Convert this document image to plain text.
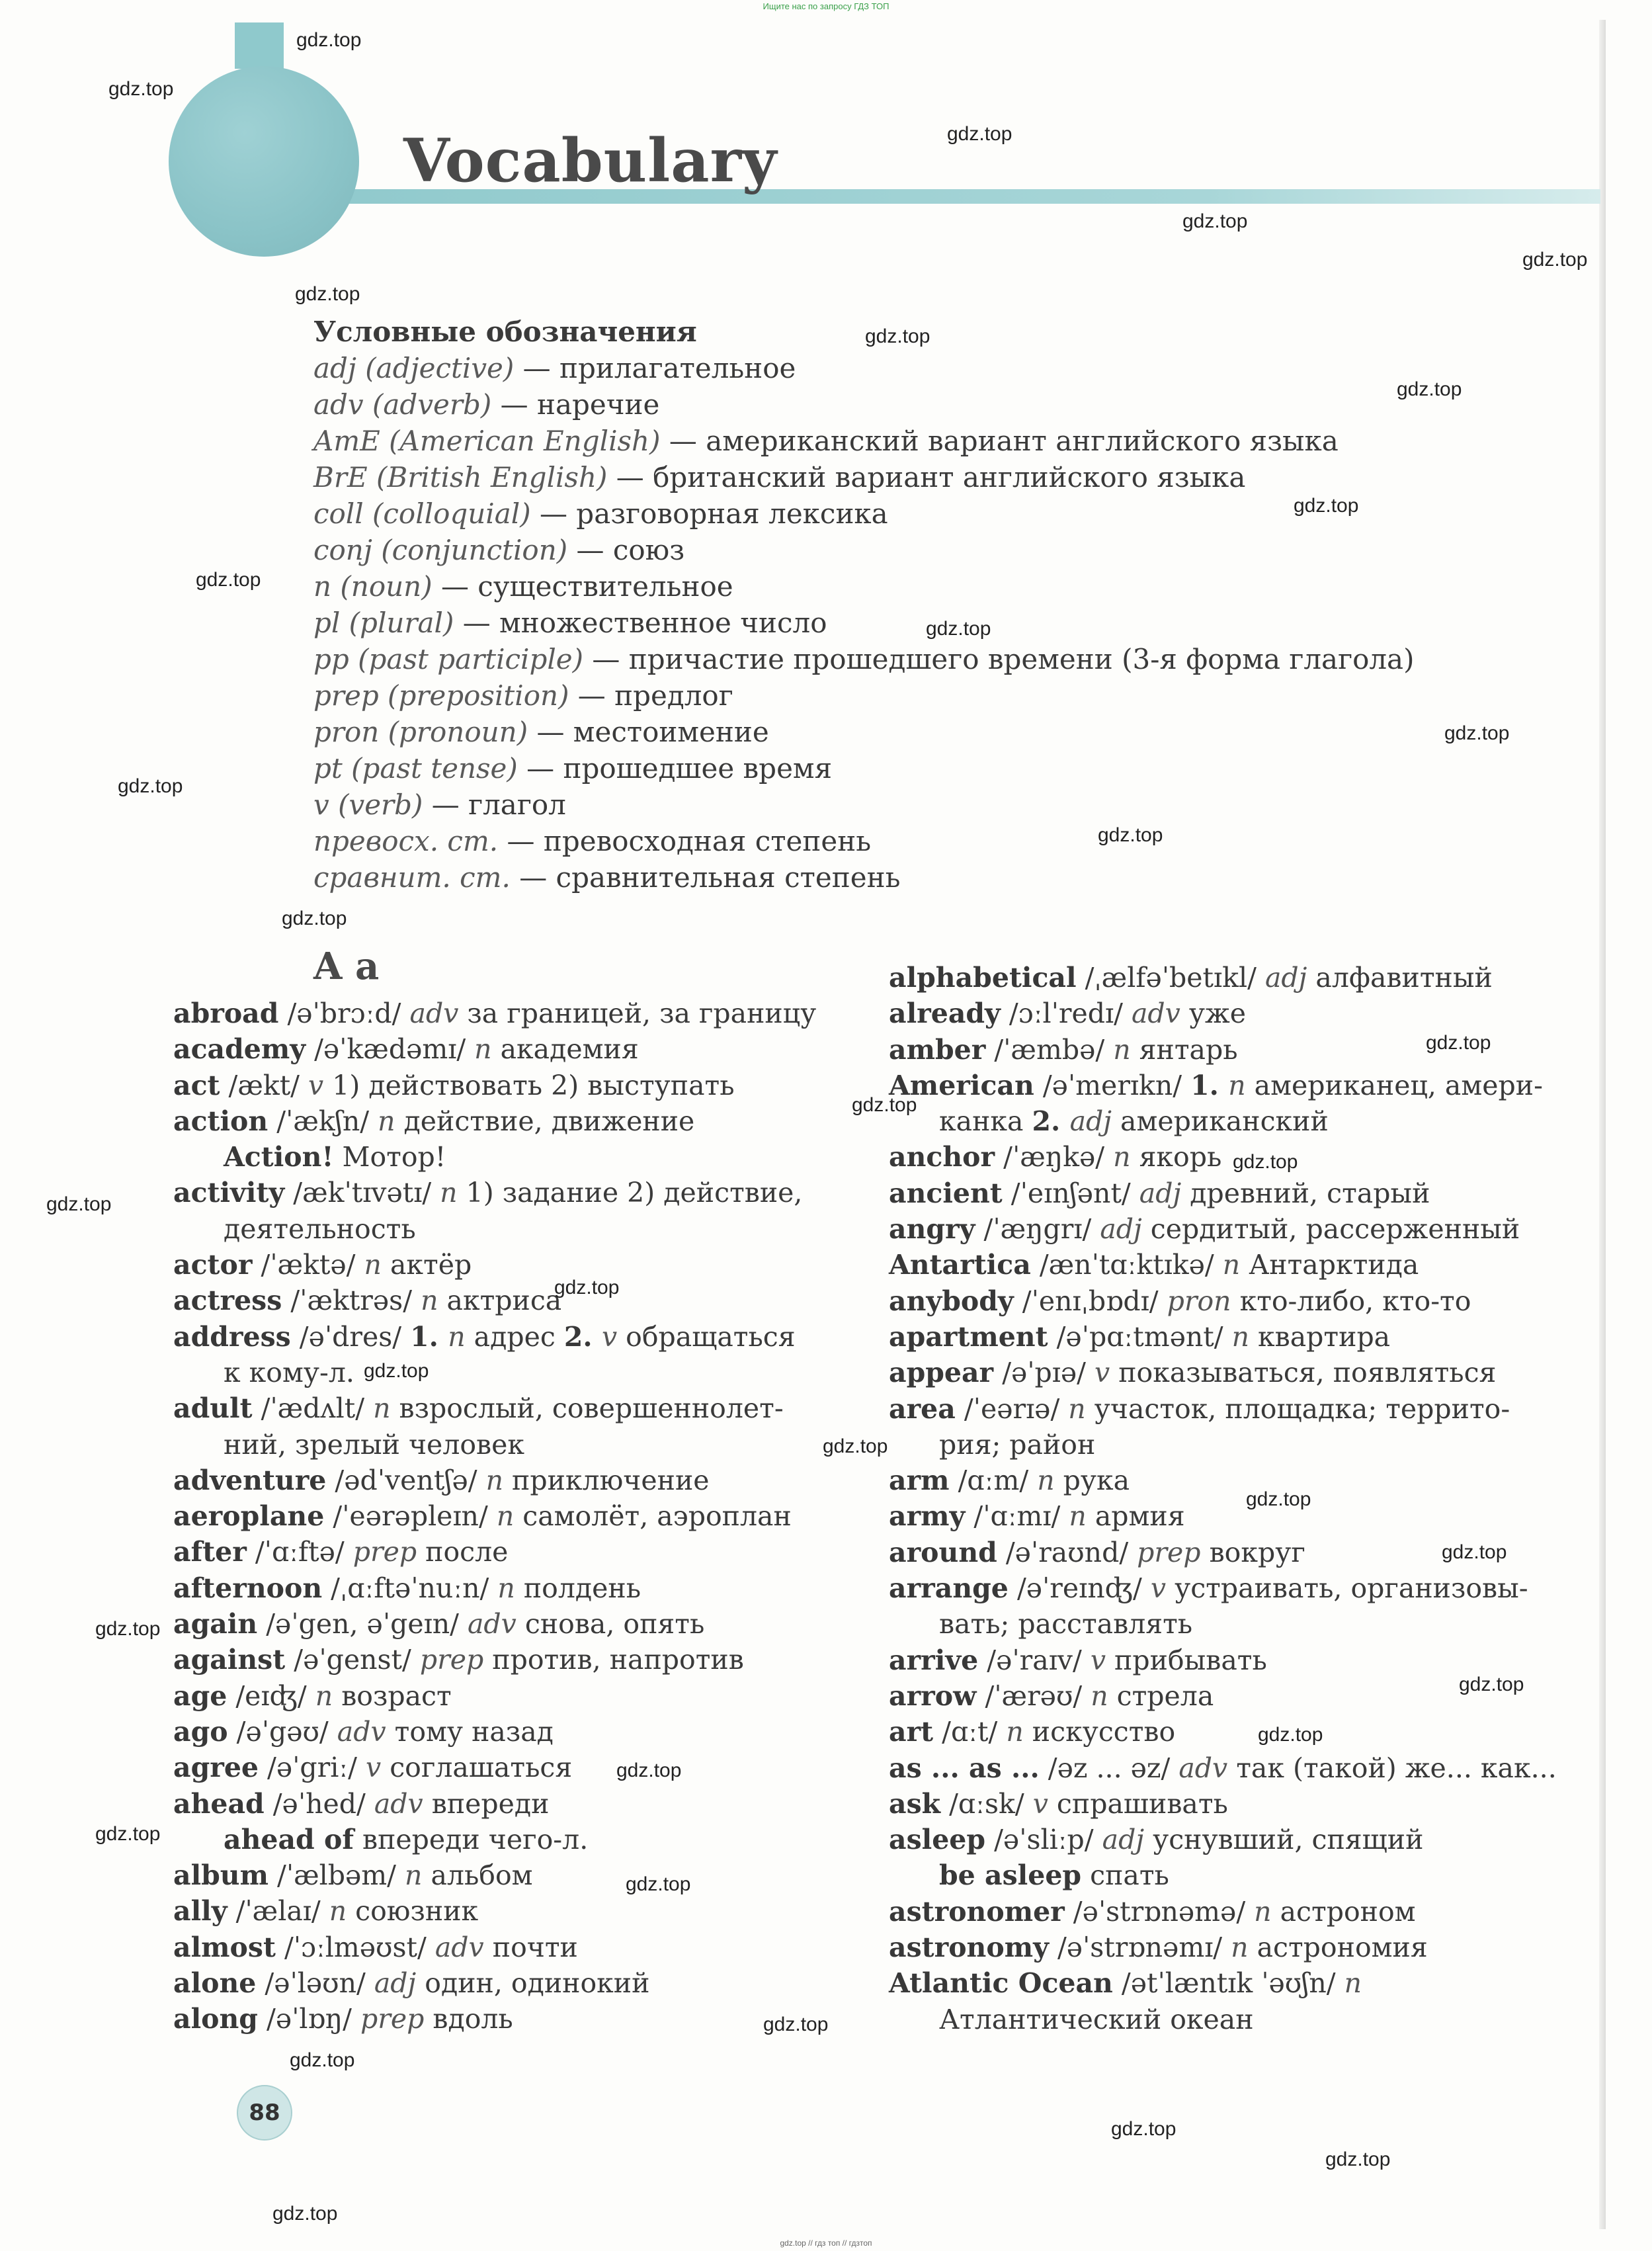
Ищите нас по запросу ГДЗ ТОП
Vocabulary
Условные обозначения
adj (adjective) — прилагательное
adv (adverb) — наречие
AmE (American English) — американский вариант английского языка
BrE (British English) — британский вариант английского языка
coll (colloquial) — разговорная лексика
conj (conjunction) — союз
n (noun) — существительное
pl (plural) — множественное число
pp (past participle) — причастие прошедшего времени (3-я форма глагола)
prep (preposition) — предлог
pron (pronoun) — местоимение
pt (past tense) — прошедшее время
v (verb) — глагол
превосх. ст. — превосходная степень
сравнит. ст. — сравнительная степень
A a
abroad /əˈbrɔːd/ adv за границей, за границу
academy /əˈkædəmɪ/ n академия
act /ækt/ v 1) действовать 2) выступать
action /ˈækʃn/ n действие, движение
Action! Мотор!
activity /ækˈtɪvətɪ/ n 1) задание 2) действие,
деятельность
actor /ˈæktə/ n актёр
actress /ˈæktrəs/ n актриса
address /əˈdres/ 1. n адрес 2. v обращаться
к кому-л.
adult /ˈædʌlt/ n взрослый, совершеннолет-
ний, зрелый человек
adventure /ədˈventʃə/ n приключение
aeroplane /ˈeərəpleɪn/ n самолёт, аэроплан
after /ˈɑːftə/ prep после
afternoon /ˌɑːftəˈnuːn/ n полдень
again /əˈgen, əˈgeɪn/ adv снова, опять
against /əˈgenst/ prep против, напротив
age /eɪʤ/ n возраст
ago /əˈgəʊ/ adv тому назад
agree /əˈgriː/ v соглашаться
ahead /əˈhed/ adv впереди
ahead of впереди чего-л.
album /ˈælbəm/ n альбом
ally /ˈælaɪ/ n союзник
almost /ˈɔːlməʊst/ adv почти
alone /əˈləʊn/ adj один, одинокий
along /əˈlɒŋ/ prep вдоль
alphabetical /ˌælfəˈbetɪkl/ adj алфавитный
already /ɔːlˈredɪ/ adv уже
amber /ˈæmbə/ n янтарь
American /əˈmerɪkn/ 1. n американец, амери-
канка 2. adj американский
anchor /ˈæŋkə/ n якорь
ancient /ˈeɪnʃənt/ adj древний, старый
angry /ˈæŋgrɪ/ adj сердитый, рассерженный
Antartica /ænˈtɑːktɪkə/ n Антарктида
anybody /ˈenɪˌbɒdɪ/ pron кто-либо, кто-то
apartment /əˈpɑːtmənt/ n квартира
appear /əˈpɪə/ v показываться, появляться
area /ˈeərɪə/ n участок, площадка; террито-
рия; район
arm /ɑːm/ n рука
army /ˈɑːmɪ/ n армия
around /əˈraʊnd/ prep вокруг
arrange /əˈreɪnʤ/ v устраивать, организовы-
вать; расставлять
arrive /əˈraɪv/ v прибывать
arrow /ˈærəʊ/ n стрела
art /ɑːt/ n искусство
as ... as ... /əz ... əz/ adv так (такой) же... как...
ask /ɑːsk/ v спрашивать
asleep /əˈsliːp/ adj уснувший, спящий
be asleep спать
astronomer /əˈstrɒnəmə/ n астроном
astronomy /əˈstrɒnəmɪ/ n астрономия
Atlantic Ocean /ətˈlæntɪk ˈəʊʃn/ n
Атлантический океан
88
gdz.top
gdz.top
gdz.top
gdz.top
gdz.top
gdz.top
gdz.top
gdz.top
gdz.top
gdz.top
gdz.top
gdz.top
gdz.top
gdz.top
gdz.top
gdz.top
gdz.top
gdz.top
gdz.top
gdz.top
gdz.top
gdz.top
gdz.top
gdz.top
gdz.top
gdz.top
gdz.top
gdz.top
gdz.top
gdz.top
gdz.top
gdz.top
gdz.top
gdz.top
gdz.top
gdz.top // гдз топ // гдзтоп
